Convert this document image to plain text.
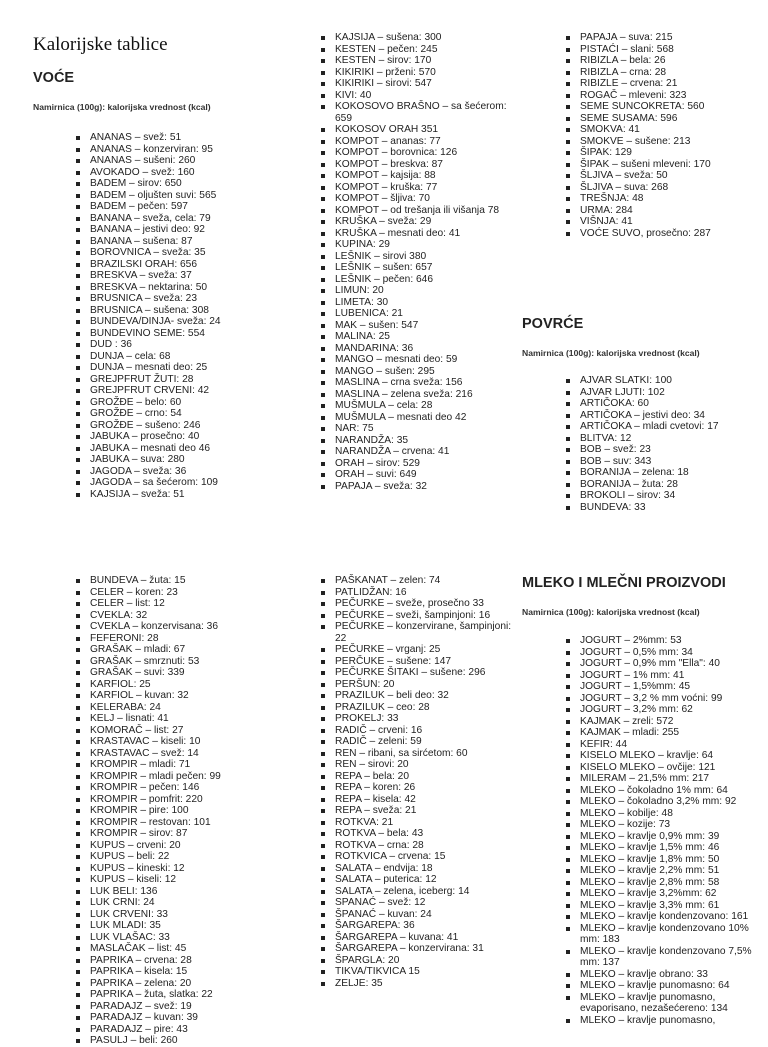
Kalorijske tablice
VOĆE

Namirnica (100g): kalorijska vrednost (kcal)

ANANAS – svež: 51
ANANAS – konzerviran: 95
ANANAS – sušeni: 260
AVOKADO – svež: 160
BADEM – sirov: 650
BADEM – oljušten suvi: 565
BADEM – pečen: 597
BANANA – sveža, cela: 79
BANANA – jestivi deo: 92
BANANA – sušena: 87
BOROVNICA – sveža: 35
BRAZILSKI ORAH: 656
BRESKVA – sveža: 37
BRESKVA – nektarina: 50
BRUSNICA – sveža: 23
BRUSNICA – sušena: 308
BUNDEVA/DINJA- sveža: 24
BUNDEVINO SEME: 554
DUD : 36
DUNJA – cela: 68
DUNJA – mesnati deo: 25
GREJPFRUT ŽUTI: 28
GREJPFRUT CRVENI: 42
GROŽĐE – belo: 60
GROŽĐE – crno: 54
GROŽĐE – sušeno: 246
JABUKA – prosečno: 40
JABUKA – mesnati deo 46
JABUKA – suva: 280
JAGODA – sveža: 36
JAGODA – sa šećerom: 109
KAJSIJA – sveža: 51
KAJSIJA – sušena: 300
KESTEN – pečen: 245
KESTEN – sirov: 170
KIKIRIKI – prženi: 570
KIKIRIKI – sirovi: 547
KIVI: 40
KOKOSOVO BRAŠNO – sa šećerom: 659
KOKOSOV ORAH 351
KOMPOT – ananas: 77
KOMPOT – borovnica: 126
KOMPOT – breskva: 87
KOMPOT – kajsija: 88
KOMPOT – kruška: 77
KOMPOT – šljiva: 70
KOMPOT – od trešanja ili višanja 78
KRUŠKA – sveža: 29
KRUŠKA – mesnati deo: 41
KUPINA: 29
LEŠNIK – sirovi 380
LEŠNIK – sušen: 657
LEŠNIK – pečen: 646
LIMUN: 20
LIMETA: 30
LUBENICA: 21
MAK – sušen: 547
MALINA: 25
MANDARINA: 36
MANGO – mesnati deo: 59
MANGO – sušen: 295
MASLINA – crna sveža: 156
MASLINA – zelena sveža: 216
MUŠMULA – cela: 28
MUŠMULA – mesnati deo 42
NAR: 75
NARANDŽA: 35
NARANDŽA – crvena: 41
ORAH – sirov: 529
ORAH – suvi: 649
PAPAJA – sveža: 32
PAPAJA – suva: 215
PISTAĆI – slani: 568
RIBIZLA – bela: 26
RIBIZLA – crna: 28
RIBIZLE – crvena: 21
ROGAČ – mleveni: 323
SEME SUNCOKRETA: 560
SEME SUSAMA: 596
SMOKVA: 41
SMOKVE – sušene: 213
ŠIPAK: 129
ŠIPAK – sušeni mleveni: 170
ŠLJIVA – sveža: 50
ŠLJIVA – suva: 268
TREŠNJA: 48
URMA: 284
VIŠNJA: 41
VOĆE SUVO, prosečno: 287
POVRĆE

Namirnica (100g): kalorijska vrednost (kcal)

AJVAR SLATKI: 100
AJVAR LJUTI: 102
ARTIČOKA: 60
ARTIČOKA – jestivi deo: 34
ARTIČOKA – mladi cvetovi: 17
BLITVA: 12
BOB – svež: 23
BOB – suv: 343
BORANIJA – zelena: 18
BORANIJA – žuta: 28
BROKOLI – sirov: 34
BUNDEVA: 33
BUNDEVA – žuta: 15
CELER – koren: 23
CELER – list: 12
CVEKLA: 32
CVEKLA – konzervisana: 36
FEFERONI: 28
GRAŠAK – mladi: 67
GRAŠAK – smrznuti: 53
GRAŠAK – suvi: 339
KARFIOL: 25
KARFIOL – kuvan: 32
KELERABA: 24
KELJ – lisnati: 41
KOMORAČ – list: 27
KRASTAVAC – kiseli: 10
KRASTAVAC – svež: 14
KROMPIR – mladi: 71
KROMPIR – mladi pečen: 99
KROMPIR – pečen: 146
KROMPIR – pomfrit: 220
KROMPIR – pire: 100
KROMPIR – restovan: 101
KROMPIR – sirov: 87
KUPUS – crveni: 20
KUPUS – beli: 22
KUPUS – kineski: 12
KUPUS – kiseli: 12
LUK BELI: 136
LUK CRNI: 24
LUK CRVENI: 33
LUK MLADI: 35
LUK VLAŠAC: 33
MASLAČAK – list: 45
PAPRIKA – crvena: 28
PAPRIKA – kisela: 15
PAPRIKA – zelena: 20
PAPRIKA – žuta, slatka: 22
PARADAJZ – svež: 19
PARADAJZ – kuvan: 39
PARADAJZ – pire: 43
PASULJ – beli: 260
PAŠKANAT – zelen: 74
PATLIDŽAN: 16
PEČURKE – sveže, prosečno 33
PEČURKE – sveži, šampinjoni: 16
PEČURKE – konzervirane, šampinjoni: 22
PEČURKE – vrganj: 25
PERČUKE – sušene: 147
PEČURKE ŠITAKI – sušene: 296
PERŠUN: 20
PRAZILUK – beli deo: 32
PRAZILUK – ceo: 28
PROKELJ: 33
RADIČ – crveni: 16
RADIČ – zeleni: 59
REN – ribani, sa sirćetom: 60
REN – sirovi: 20
REPA – bela: 20
REPA – koren: 26
REPA – kisela: 42
REPA – sveža: 21
ROTKVA: 21
ROTKVA – bela: 43
ROTKVA – crna: 28
ROTKVICA – crvena: 15
SALATA – endvija: 18
SALATA – puterica: 12
SALATA – zelena, iceberg: 14
SPANAĆ – svež: 12
ŠPANAĆ – kuvan: 24
ŠARGAREPA: 36
ŠARGAREPA – kuvana: 41
ŠARGAREPA – konzervirana: 31
ŠPARGLA: 20
TIKVA/TIKVICA 15
ZELJE: 35
MLEKO I MLEČNI PROIZVODI

Namirnica (100g): kalorijska vrednost (kcal)

JOGURT – 2%mm: 53
JOGURT – 0,5% mm: 34
JOGURT – 0,9% mm "Ella": 40
JOGURT – 1% mm: 41
JOGURT – 1,5%mm: 45
JOGURT – 3,2 % mm voćni: 99
JOGURT – 3,2% mm: 62
KAJMAK – zreli: 572
KAJMAK – mladi: 255
KEFIR: 44
KISELO MLEKO – kravlje: 64
KISELO MLEKO – ovčije: 121
MILERAM – 21,5% mm: 217
MLEKO – čokoladno 1% mm: 64
MLEKO – čokoladno 3,2% mm: 92
MLEKO – kobilje: 48
MLEKO – kozije: 73
MLEKO – kravlje 0,9% mm: 39
MLEKO – kravlje 1,5% mm: 46
MLEKO – kravlje 1,8% mm: 50
MLEKO – kravlje 2,2% mm: 51
MLEKO – kravlje 2,8% mm: 58
MLEKO – kravlje 3,2%mm: 62
MLEKO – kravlje 3,3% mm: 61
MLEKO – kravlje kondenzovano: 161
MLEKO – kravlje kondenzovano 10% mm: 183
MLEKO – kravlje kondenzovano 7,5% mm: 137
MLEKO – kravlje obrano: 33
MLEKO – kravlje punomasno: 64
MLEKO – kravlje punomasno, evaporisano, nezašećereno: 134
MLEKO – kravlje punomasno,
